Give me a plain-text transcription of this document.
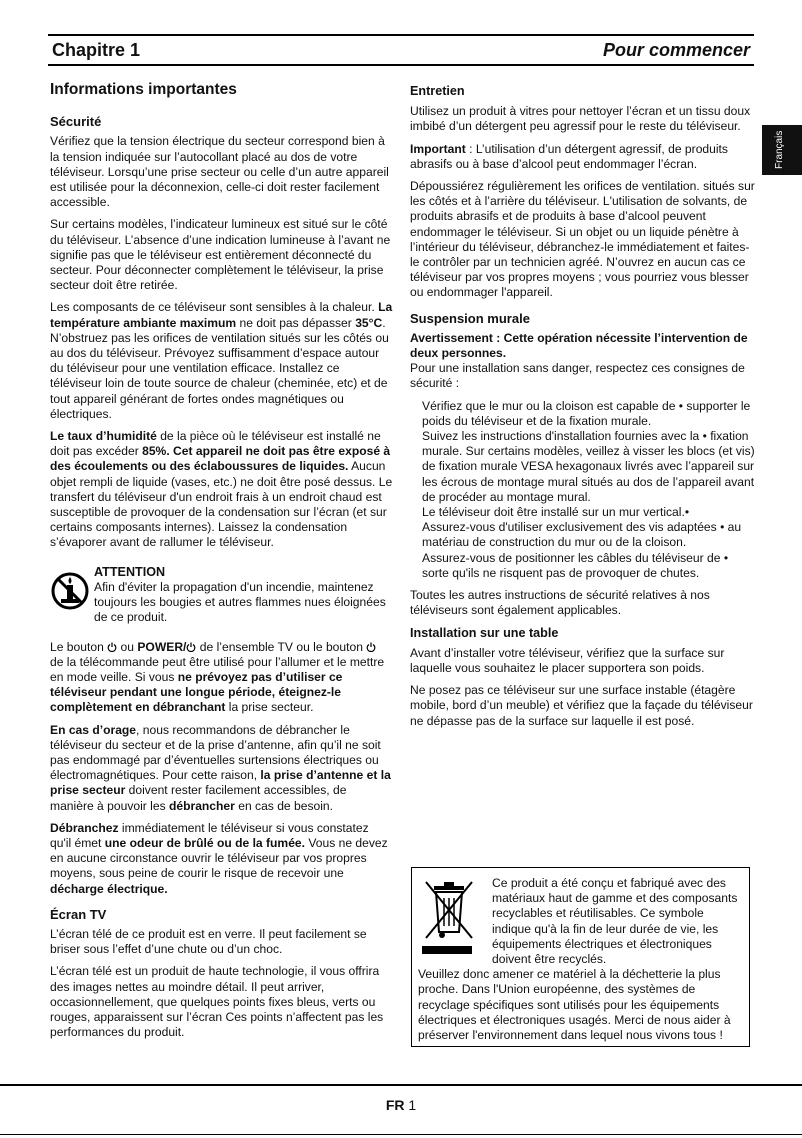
Chapitre 1	Pour commencer
Français
Informations importantes
Sécurité

Vérifiez que la tension électrique du secteur correspond bien à la tension indiquée sur l’autocollant placé au dos de votre téléviseur. Lorsqu’une prise secteur ou celle d’un autre appareil est utilisée pour la déconnexion, celle-ci doit rester facilement accessible.

Sur certains modèles, l’indicateur lumineux est situé sur le côté du téléviseur. L’absence d’une indication lumineuse à l’avant ne signifie pas que le téléviseur est entièrement déconnecté du secteur. Pour déconnecter complètement le téléviseur, la prise secteur doit être retirée.

Les composants de ce téléviseur sont sensibles à la chaleur. La température ambiante maximum ne doit pas dépasser 35°C. N’obstruez pas les orifices de ventilation situés sur les côtés ou au dos du téléviseur. Prévoyez suffisamment d’espace autour du téléviseur pour une ventilation efficace. Installez ce téléviseur loin de toute source de chaleur (cheminée, etc) et de tout appareil générant de fortes ondes magnétiques ou électriques.

Le taux d’humidité de la pièce où le téléviseur est installé ne doit pas excéder 85%. Cet appareil ne doit pas être exposé à des écoulements ou des éclaboussures de liquides. Aucun objet rempli de liquide (vases, etc.) ne doit être posé dessus. Le transfert du téléviseur d'un endroit frais à un endroit chaud est susceptible de provoquer de la condensation sur l’écran (et sur certains composants internes). Laissez la condensation s’évaporer avant de rallumer le téléviseur.

ATTENTION
Afin d'éviter la propagation d'un incendie, maintenez toujours les bougies et autres flammes nues éloignées de ce produit.

Le bouton  ou POWER/ de l’ensemble TV ou le bouton  de la télécommande peut être utilisé pour l’allumer et le mettre en mode veille. Si vous ne prévoyez pas d’utiliser ce téléviseur pendant une longue période, éteignez-le complètement en débranchant la prise secteur.

En cas d’orage, nous recommandons de débrancher le téléviseur du secteur et de la prise d’antenne, afin qu’il ne soit pas endommagé par d’éventuelles surtensions électriques ou électromagnétiques. Pour cette raison, la prise d’antenne et la prise secteur doivent rester facilement accessibles, de manière à pouvoir les débrancher en cas de besoin.

Débranchez immédiatement le téléviseur si vous constatez qu'il émet une odeur de brûlé ou de la fumée. Vous ne devez en aucune circonstance ouvrir le téléviseur par vos propres moyens, sous peine de courir le risque de recevoir une décharge électrique.

Écran TV

L’écran télé de ce produit est en verre. Il peut facilement se briser sous l’effet d’une chute ou d’un choc.

L’écran télé est un produit de haute technologie, il vous offrira des images nettes au moindre détail. Il peut arriver, occasionnellement, que quelques points fixes bleus, verts ou rouges, apparaissent sur l’écran Ces points n’affectent pas les performances du produit.

Entretien

Utilisez un produit à vitres pour nettoyer l’écran et un tissu doux imbibé d’un détergent peu agressif pour le reste du téléviseur.

Important : L’utilisation d’un détergent agressif, de produits abrasifs ou à base d’alcool peut endommager l’écran.

Dépoussiérez régulièrement les orifices de ventilation. situés sur les côtés et à l’arrière du téléviseur. L'utilisation de solvants, de produits abrasifs et de produits à base d’alcool peuvent endommager le téléviseur. Si un objet ou un liquide pénètre à l’intérieur du téléviseur, débranchez-le immédiatement et faites-le contrôler par un technicien agréé. N’ouvrez en aucun cas ce téléviseur par vos propres moyens ; vous pourriez vous blesser ou endommager l'appareil.

Suspension murale

Avertissement : Cette opération nécessite l’intervention de deux personnes.

Pour une installation sans danger, respectez ces consignes de sécurité :

Vérifiez que le mur ou la cloison est capable de • supporter le poids du téléviseur et de la fixation murale.

Suivez les instructions d'installation fournies avec la • fixation murale. Sur certains modèles, veillez à visser les blocs (et vis) de fixation murale VESA hexagonaux livrés avec l’appareil sur les écrous de montage mural situés au dos de l’appareil avant de procéder au montage mural.

Le téléviseur doit être installé sur un mur vertical.•

Assurez-vous d'utiliser exclusivement des vis adaptées • au matériau de construction du mur ou de la cloison.

Assurez-vous de positionner les câbles du téléviseur de • sorte qu'ils ne risquent pas de provoquer de chutes.

Toutes les autres instructions de sécurité relatives à nos téléviseurs sont également applicables.

Installation sur une table

Avant d’installer votre téléviseur, vérifiez que la surface sur laquelle vous souhaitez le placer supportera son poids.

Ne posez pas ce téléviseur sur une surface instable (étagère mobile, bord d’un meuble) et vérifiez que la façade du téléviseur ne dépasse pas de la surface sur laquelle il est posé.

Ce produit a été conçu et fabriqué avec des matériaux haut de gamme et des composants recyclables et réutilisables. Ce symbole indique qu'à la fin de leur durée de vie, les équipements électriques et électroniques doivent être recyclés.
Veuillez donc amener ce matériel à la déchetterie la plus proche. Dans l'Union européenne, des systèmes de recyclage spécifiques sont utilisés pour les équipements électriques et électroniques usagés. Merci de nous aider à préserver l'environnement dans lequel nous vivons tous !
FR 1
